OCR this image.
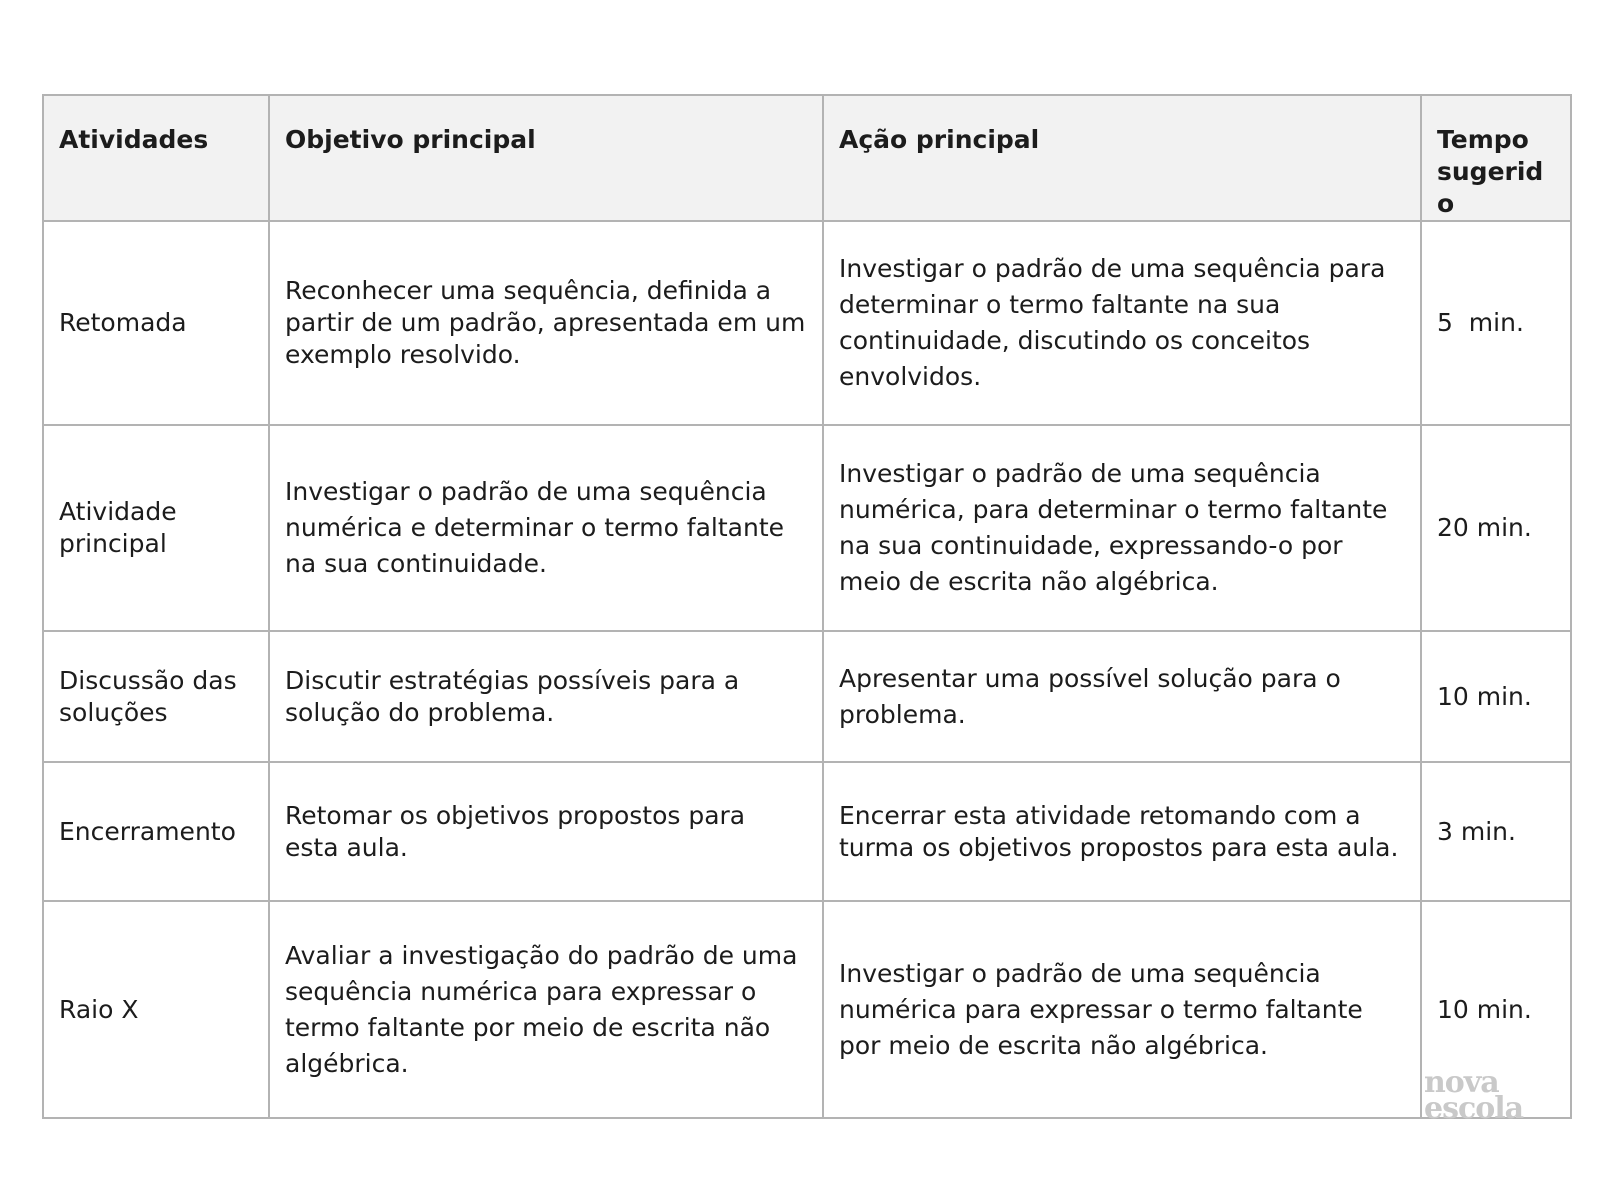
Atividades	Objetivo principal	Ação principal	Tempo sugerido
Retomada	Reconhecer uma sequência, definida a partir de um padrão, apresentada em um exemplo resolvido.	Investigar o padrão de uma sequência para determinar o termo faltante na sua continuidade, discutindo os conceitos envolvidos.	5  min.
Atividade principal	Investigar o padrão de uma sequência numérica e determinar o termo faltante na sua continuidade.	Investigar o padrão de uma sequência numérica, para determinar o termo faltante na sua continuidade, expressando-o por meio de escrita não algébrica.	20 min.
Discussão das soluções	Discutir estratégias possíveis para a solução do problema.	Apresentar uma possível solução para o problema.	10 min.
Encerramento	Retomar os objetivos propostos para esta aula.	Encerrar esta atividade retomando com a turma os objetivos propostos para esta aula.	3 min.
Raio X	Avaliar a investigação do padrão de uma sequência numérica para expressar o termo faltante por meio de escrita não algébrica.	Investigar o padrão de uma sequência numérica para expressar o termo faltante por meio de escrita não algébrica.	10 min.
nova
escola
